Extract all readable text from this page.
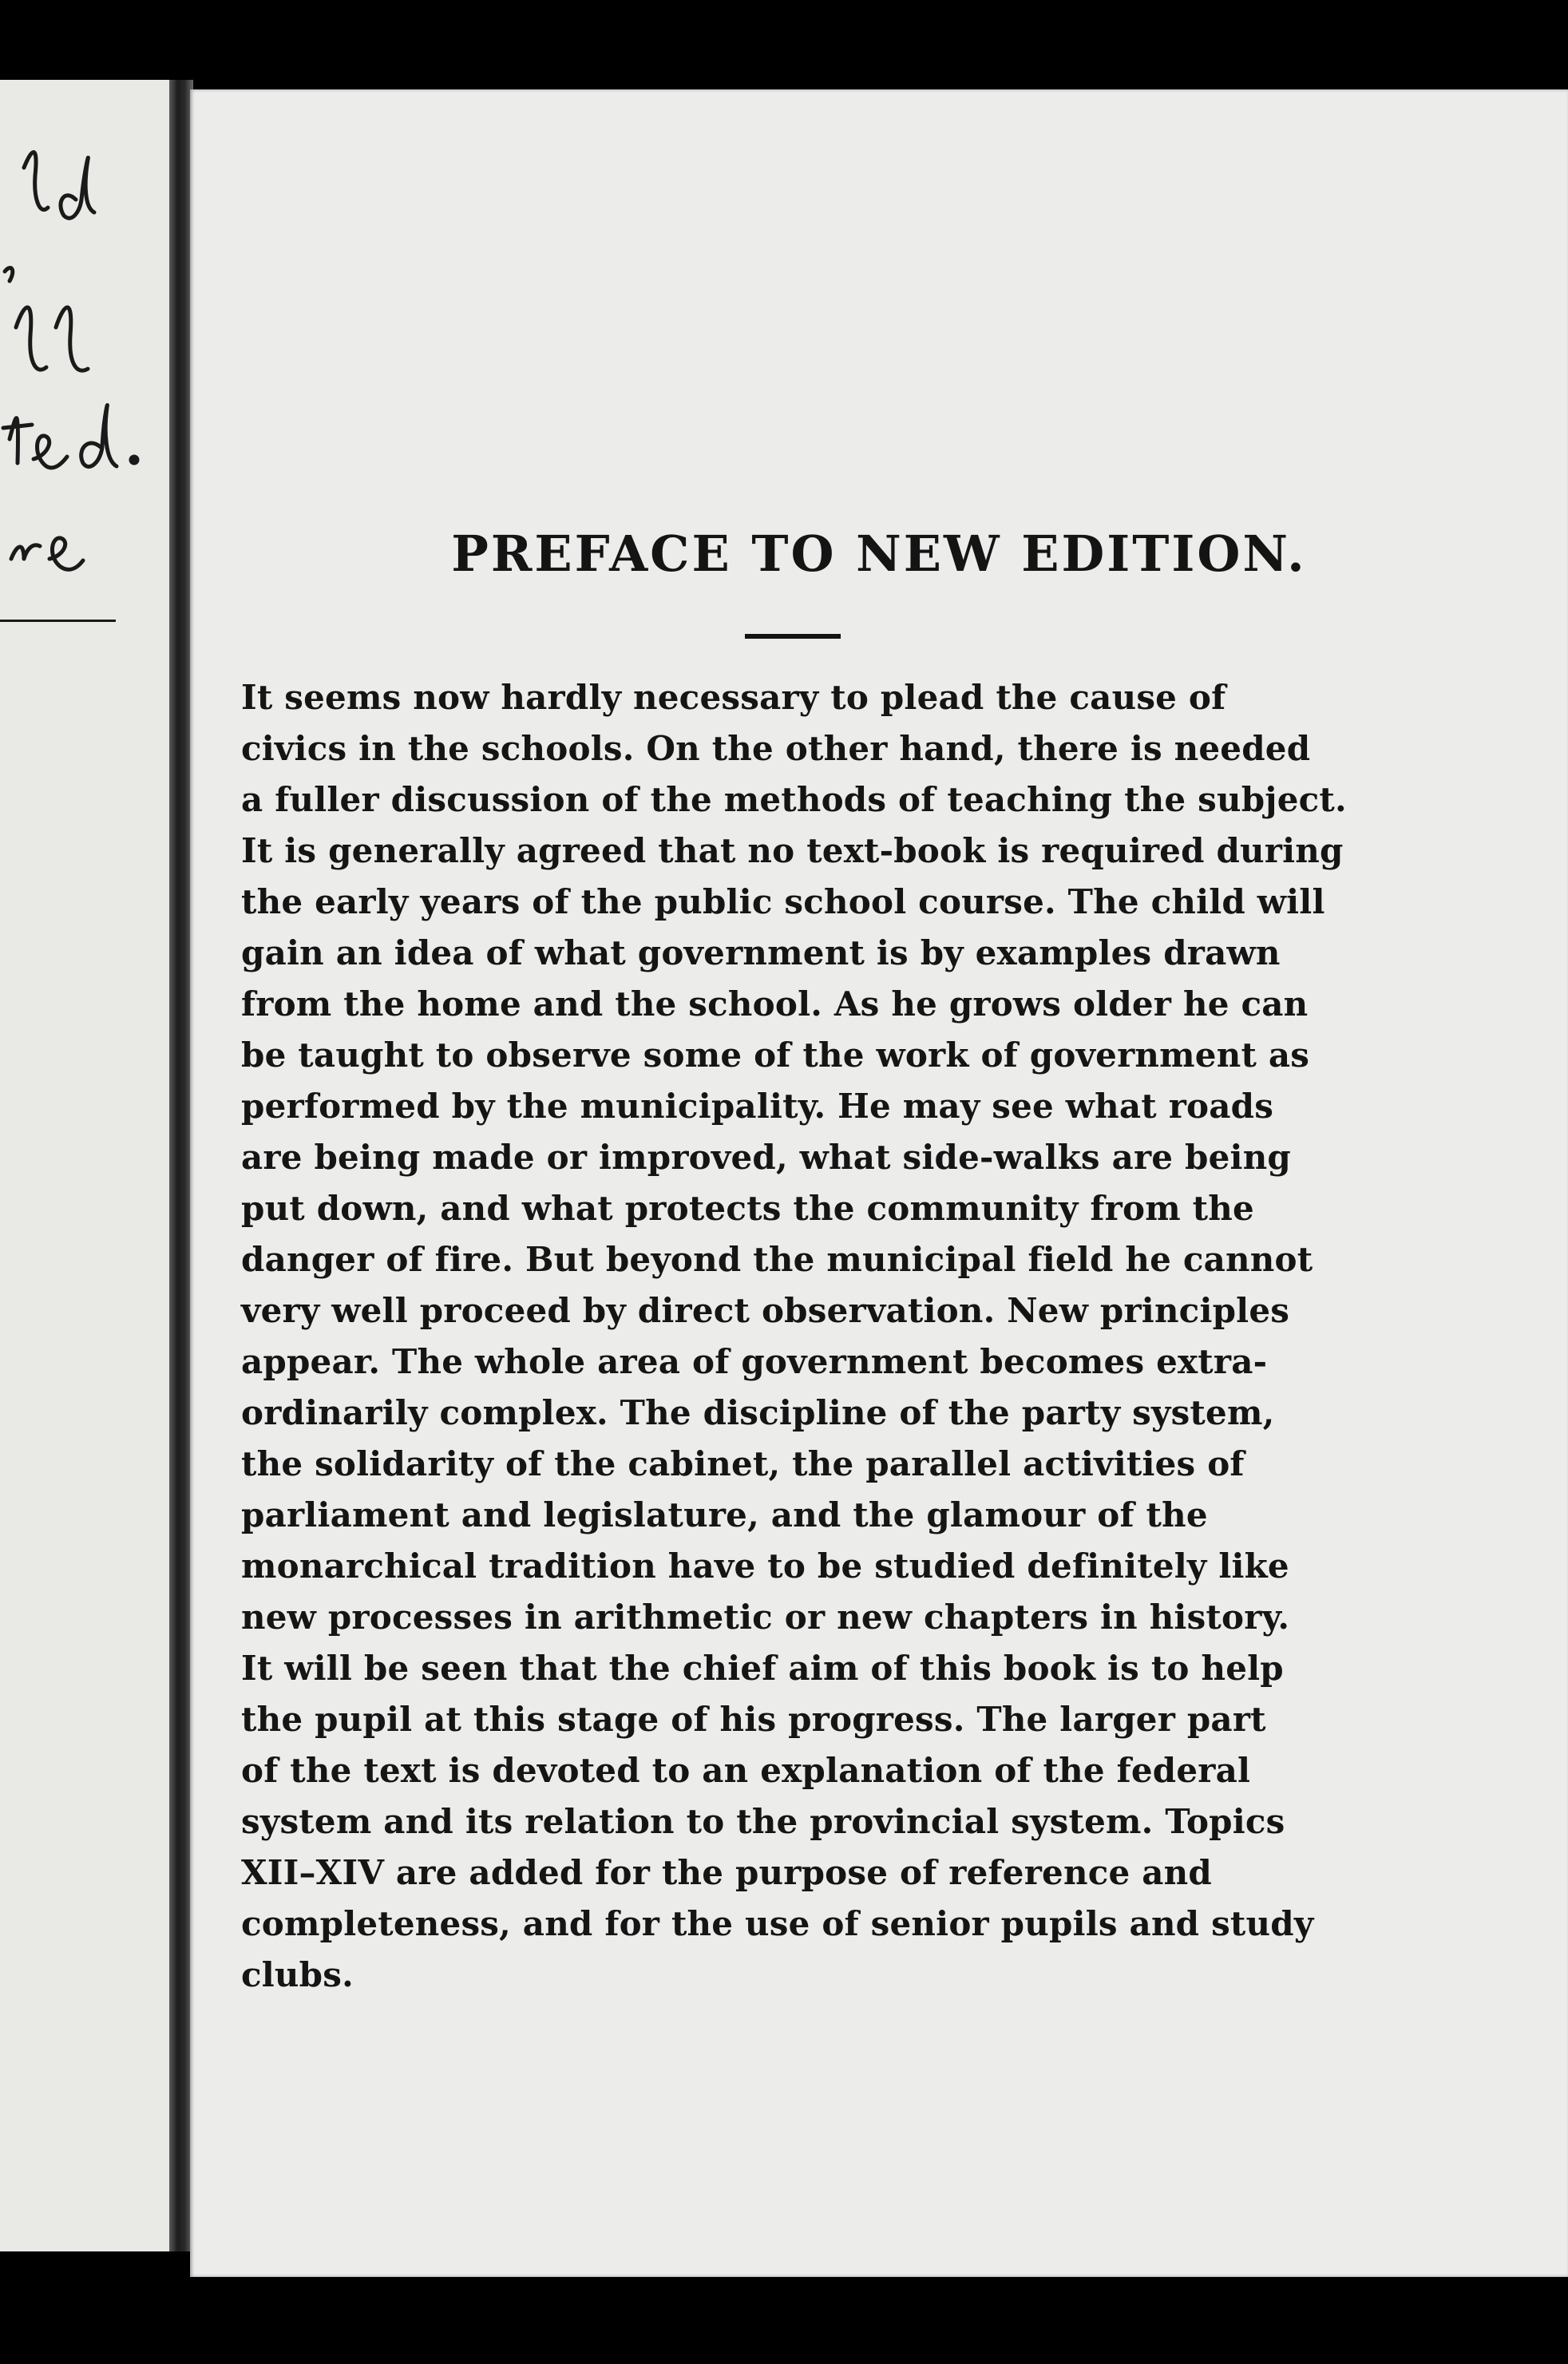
PREFACE TO NEW EDITION.
It seems now hardly necessary to plead the cause of
civics in the schools. On the other hand, there is needed
a fuller discussion of the methods of teaching the subject.
It is generally agreed that no text-book is required during
the early years of the public school course. The child will
gain an idea of what government is by examples drawn
from the home and the school. As he grows older he can
be taught to observe some of the work of government as
performed by the municipality. He may see what roads
are being made or improved, what side-walks are being
put down, and what protects the community from the
danger of fire. But beyond the municipal field he cannot
very well proceed by direct observation. New principles
appear. The whole area of government becomes extra-
ordinarily complex. The discipline of the party system,
the solidarity of the cabinet, the parallel activities of
parliament and legislature, and the glamour of the
monarchical tradition have to be studied definitely like
new processes in arithmetic or new chapters in history.
It will be seen that the chief aim of this book is to help
the pupil at this stage of his progress. The larger part
of the text is devoted to an explanation of the federal
system and its relation to the provincial system. Topics
XII–XIV are added for the purpose of reference and
completeness, and for the use of senior pupils and study
clubs.
